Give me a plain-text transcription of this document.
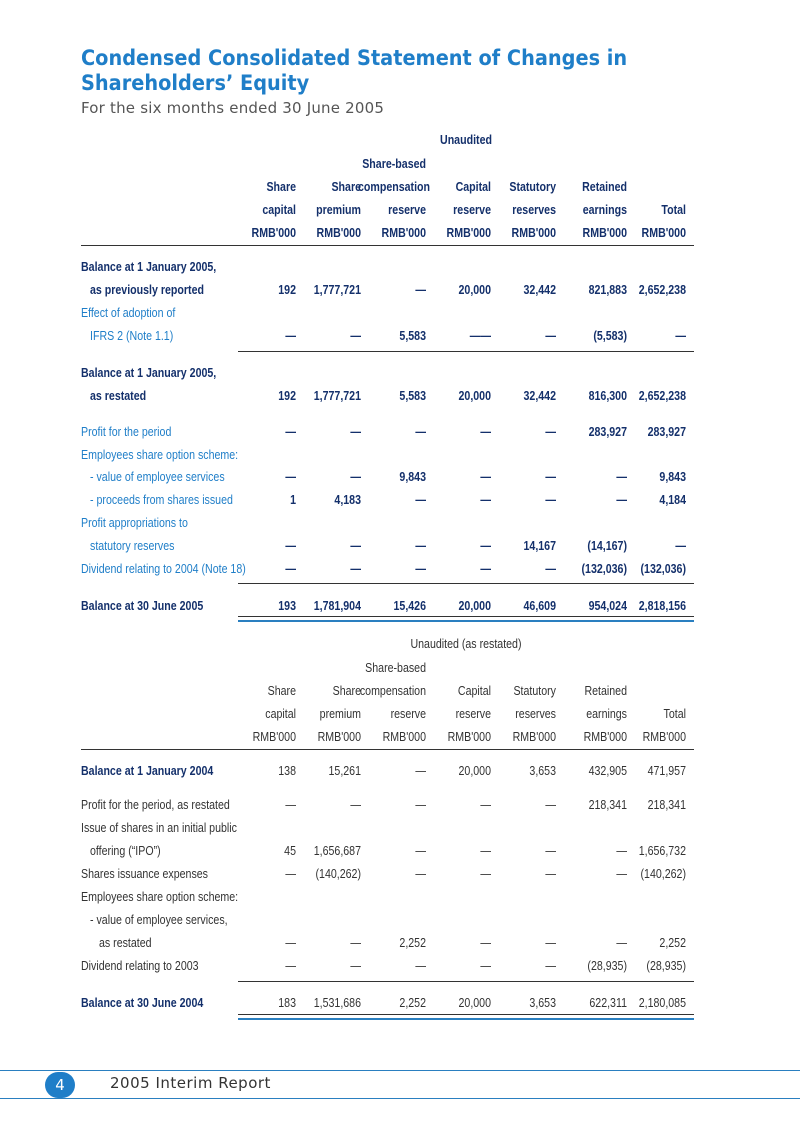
Condensed Consolidated Statement of Changes in Shareholders’ Equity
For the six months ended 30 June 2005
Unaudited
Share
capital
RMB'000
Share
premium
RMB'000
Share-based
compensation
reserve
RMB'000
Capital
reserve
RMB'000
Statutory
reserves
RMB'000
Retained
earnings
RMB'000
Total
RMB'000
Balance at 1 January 2005,
as previously reported	192	1,777,721	—	20,000	32,442	821,883 2,652,238
Effect of adoption of
IFRS 2 (Note 1.1)	—	—	5,583	——	—	(5,583)	—
Balance at 1 January 2005,
as restated	192	1,777,721	5,583	20,000	32,442	816,300 2,652,238
Profit for the period	—	—	—	—	—	283,927	283,927
Employees share option scheme:
- value of employee services	—	—	9,843	—	—	—	9,843
- proceeds from shares issued	1	4,183	—	—	—	—	4,184
Profit appropriations to
statutory reserves	—	—	—	—	14,167	(14,167)	—
Dividend relating to 2004 (Note 18)	—	—	—	—	—	(132,036)	(132,036)
Balance at 30 June 2005	193	1,781,904	15,426	20,000	46,609	954,024 2,818,156
Unaudited (as restated)
Share
capital
RMB'000
Share
premium
RMB'000
Share-based
compensation
reserve
RMB'000
Capital
reserve
RMB'000
Statutory
reserves
RMB'000
Retained
earnings
RMB'000
Total
RMB'000
Balance at 1 January 2004	138	15,261	—	20,000	3,653	432,905	471,957
Profit for the period, as restated	—	—	—	—	—	218,341	218,341
Issue of shares in an initial public
offering (“IPO”)	45	1,656,687	—	—	—	— 1,656,732
Shares issuance expenses	—	(140,262)	—	—	—	—	(140,262)
Employees share option scheme:
- value of employee services,
as restated	—	—	2,252	—	—	—	2,252
Dividend relating to 2003	—	—	—	—	—	(28,935)	(28,935)
Balance at 30 June 2004	183	1,531,686	2,252	20,000	3,653	622,311 2,180,085
4	2005 Interim Report
